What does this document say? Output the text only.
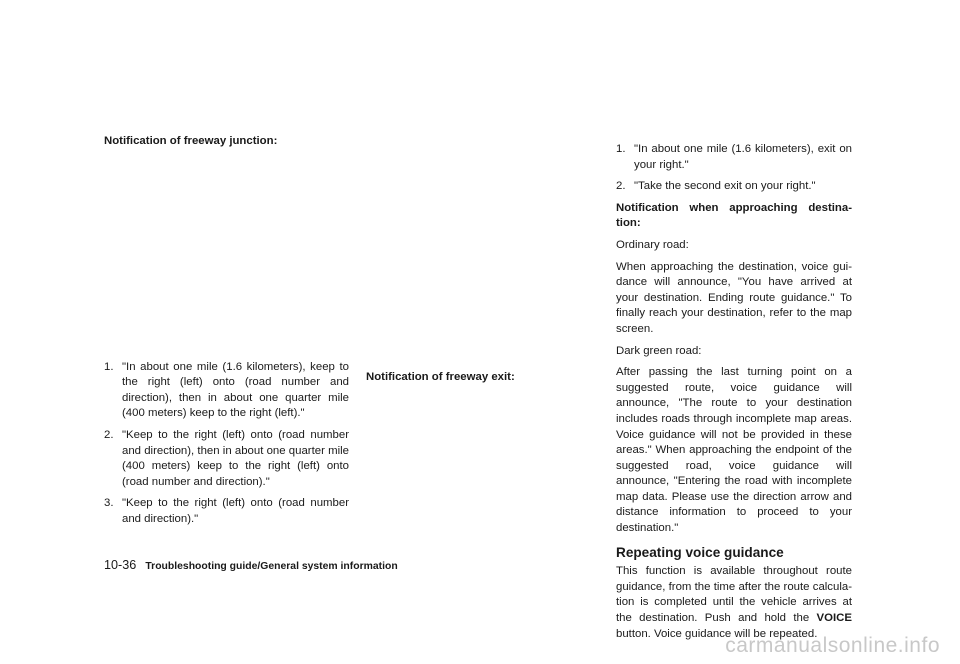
Notification of freeway junction:
1. "In about one mile (1.6 kilometers), keep to the right (left) onto (road number and direction), then in about one quarter mile (400 meters) keep to the right (left)."
2. "Keep to the right (left) onto (road number and direction), then in about one quarter mile (400 meters) keep to the right (left) onto (road number and direction)."
3. "Keep to the right (left) onto (road number and direction)."
Notification of freeway exit:
1. "In about one mile (1.6 kilometers), exit on your right."
2. "Take the second exit on your right."
Notification when approaching destina-tion:

Ordinary road:

When approaching the destination, voice gui-dance will announce, "You have arrived at your destination. Ending route guidance." To finally reach your destination, refer to the map screen.

Dark green road:

After passing the last turning point on a suggested route, voice guidance will announce, "The route to your destination includes roads through incomplete map areas. Voice guidance will not be provided in these areas." When approaching the endpoint of the suggested road, voice guidance will announce, "Entering the road with incomplete map data. Please use the direction arrow and distance information to proceed to your destination."

Repeating voice guidance

This function is available throughout route guidance, from the time after the route calcula-tion is completed until the vehicle arrives at the destination. Push and hold the VOICE button. Voice guidance will be repeated.

10-36 Troubleshooting guide/General system information
carmanualsonline.info
